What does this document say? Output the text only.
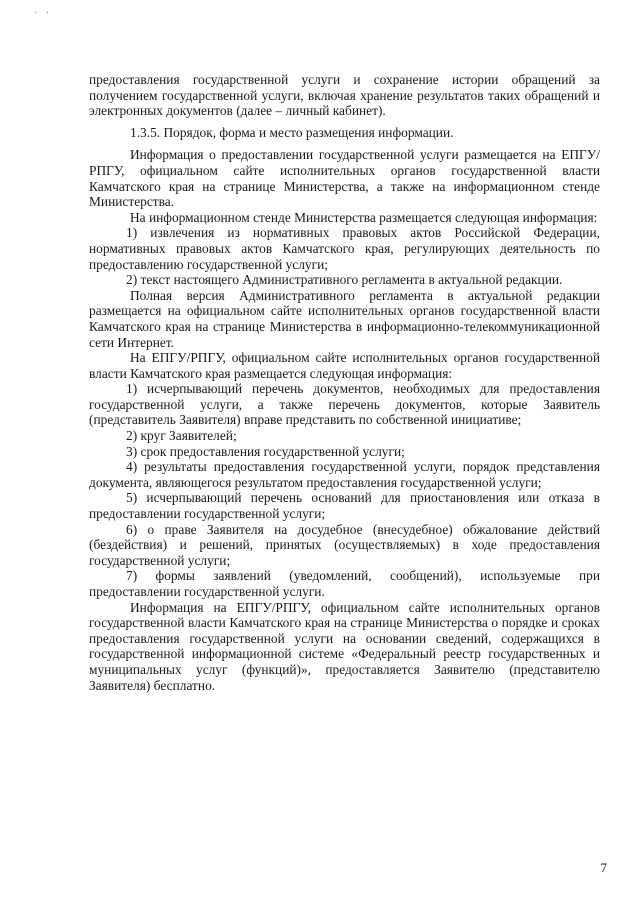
· ·

предоставления государственной услуги и сохранение истории обращений за получением государственной услуги, включая хранение результатов таких обращений и электронных документов (далее – личный кабинет).

1.3.5. Порядок, форма и место размещения информации.

Информация о предоставлении государственной услуги размещается на ЕПГУ/РПГУ, официальном сайте исполнительных органов государственной власти Камчатского края на странице Министерства, а также на информационном стенде Министерства.

На информационном стенде Министерства размещается следующая информация:

1) извлечения из нормативных правовых актов Российской Федерации, нормативных правовых актов Камчатского края, регулирующих деятельность по предоставлению государственной услуги;

2) текст настоящего Административного регламента в актуальной редакции.

Полная версия Административного регламента в актуальной редакции размещается на официальном сайте исполнительных органов государственной власти Камчатского края на странице Министерства в информационно-телекоммуникационной сети Интернет.

На ЕПГУ/РПГУ, официальном сайте исполнительных органов государственной власти Камчатского края размещается следующая информация:

1) исчерпывающий перечень документов, необходимых для предоставления государственной услуги, а также перечень документов, которые Заявитель (представитель Заявителя) вправе представить по собственной инициативе;

2) круг Заявителей;

3) срок предоставления государственной услуги;

4) результаты предоставления государственной услуги, порядок представления документа, являющегося результатом предоставления государственной услуги;

5) исчерпывающий перечень оснований для приостановления или отказа в предоставлении государственной услуги;

6) о праве Заявителя на досудебное (внесудебное) обжалование действий (бездействия) и решений, принятых (осуществляемых) в ходе предоставления государственной услуги;

7) формы заявлений (уведомлений, сообщений), используемые при предоставлении государственной услуги.

Информация на ЕПГУ/РПГУ, официальном сайте исполнительных органов государственной власти Камчатского края на странице Министерства о порядке и сроках предоставления государственной услуги на основании сведений, содержащихся в государственной информационной системе «Федеральный реестр государственных и муниципальных услуг (функций)», предоставляется Заявителю (представителю Заявителя) бесплатно.

7
